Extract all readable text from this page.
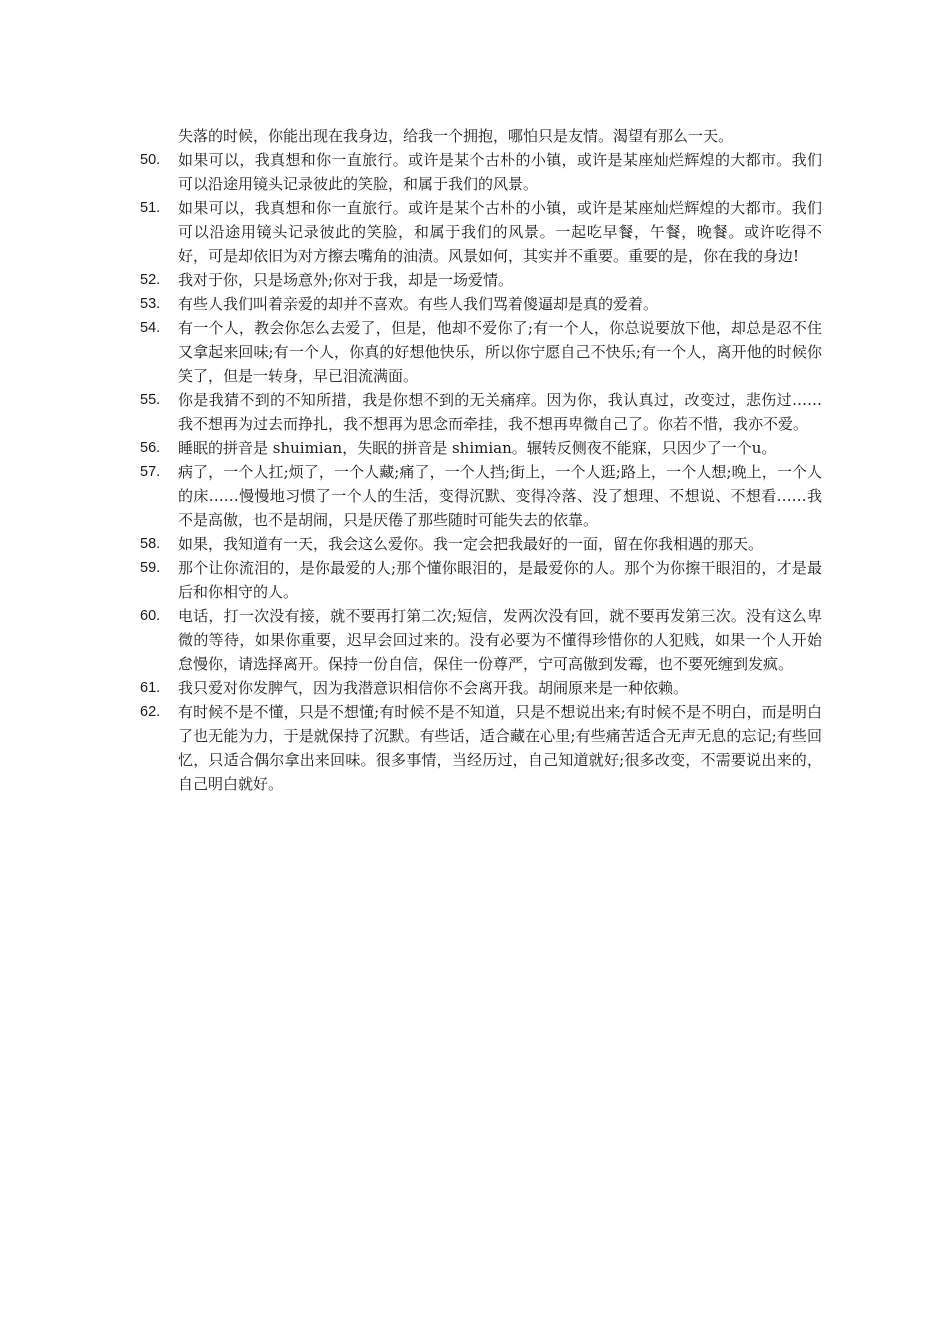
失落的时候，你能出现在我身边，给我一个拥抱，哪怕只是友情。渴望有那么一天。
50.	如果可以，我真想和你一直旅行。或许是某个古朴的小镇，或许是某座灿烂辉煌的大都市。我们可以沿途用镜头记录彼此的笑脸，和属于我们的风景。
51.	如果可以，我真想和你一直旅行。或许是某个古朴的小镇，或许是某座灿烂辉煌的大都市。我们可以沿途用镜头记录彼此的笑脸，和属于我们的风景。一起吃早餐，午餐，晚餐。或许吃得不好，可是却依旧为对方擦去嘴角的油渍。风景如何，其实并不重要。重要的是，你在我的身边!
52.	我对于你，只是场意外;你对于我，却是一场爱情。
53.	有些人我们叫着亲爱的却并不喜欢。有些人我们骂着傻逼却是真的爱着。
54.	有一个人，教会你怎么去爱了，但是，他却不爱你了;有一个人，你总说要放下他，却总是忍不住又拿起来回味;有一个人，你真的好想他快乐，所以你宁愿自己不快乐;有一个人，离开他的时候你笑了，但是一转身，早已泪流满面。
55.	你是我猜不到的不知所措，我是你想不到的无关痛痒。因为你，我认真过，改变过，悲伤过……我不想再为过去而挣扎，我不想再为思念而牵挂，我不想再卑微自己了。你若不惜，我亦不爱。
56.	睡眠的拼音是 shuimian，失眠的拼音是 shimian。辗转反侧夜不能寐，只因少了一个u。
57.	病了，一个人扛;烦了，一个人藏;痛了，一个人挡;街上，一个人逛;路上，一个人想;晚上，一个人的床……慢慢地习惯了一个人的生活，变得沉默、变得冷落、没了想理、不想说、不想看……我不是高傲，也不是胡闹，只是厌倦了那些随时可能失去的依靠。
58.	如果，我知道有一天，我会这么爱你。我一定会把我最好的一面，留在你我相遇的那天。
59.	那个让你流泪的，是你最爱的人;那个懂你眼泪的，是最爱你的人。那个为你擦干眼泪的，才是最后和你相守的人。
60.	电话，打一次没有接，就不要再打第二次;短信，发两次没有回，就不要再发第三次。没有这么卑微的等待，如果你重要，迟早会回过来的。没有必要为不懂得珍惜你的人犯贱，如果一个人开始怠慢你，请选择离开。保持一份自信，保住一份尊严，宁可高傲到发霉，也不要死缠到发疯。
61.	我只爱对你发脾气，因为我潜意识相信你不会离开我。胡闹原来是一种依赖。
62.	有时候不是不懂，只是不想懂;有时候不是不知道，只是不想说出来;有时候不是不明白，而是明白了也无能为力，于是就保持了沉默。有些话，适合藏在心里;有些痛苦适合无声无息的忘记;有些回忆，只适合偶尔拿出来回味。很多事情，当经历过，自己知道就好;很多改变，不需要说出来的，自己明白就好。
